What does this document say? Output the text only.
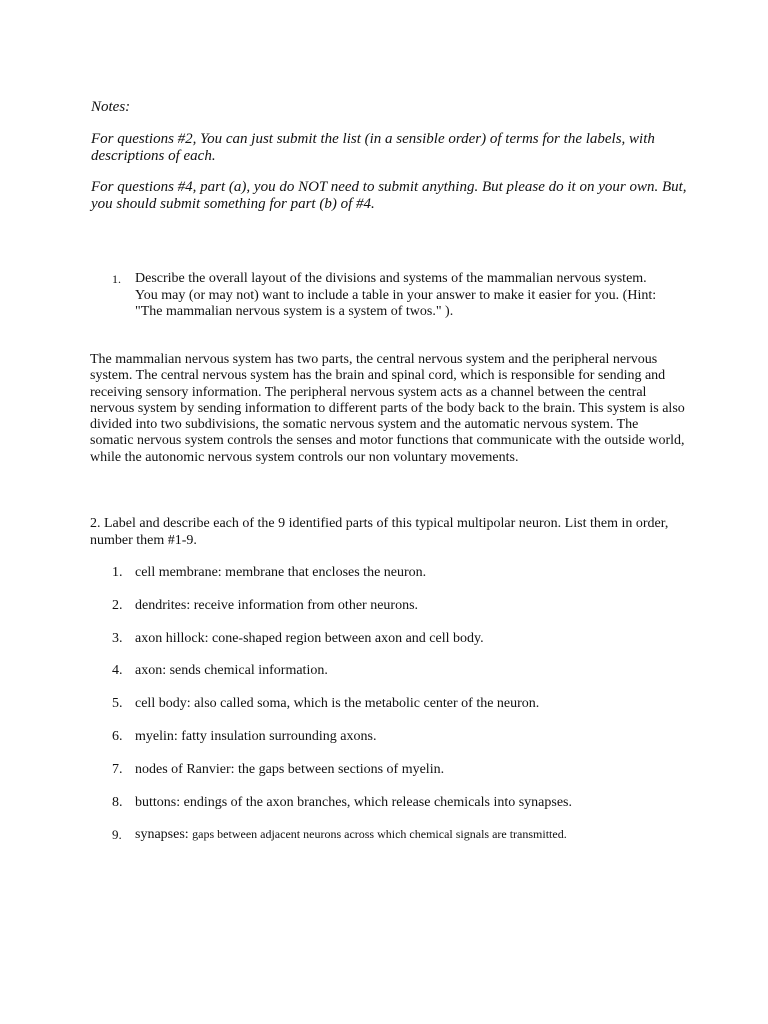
Notes:

For questions #2, You can just submit the list (in a sensible order) of terms for the labels, with descriptions of each.

For questions #4, part (a), you do NOT need to submit anything. But please do it on your own. But, you should submit something for part (b) of #4.

1. Describe the overall layout of the divisions and systems of the mammalian nervous system. You may (or may not) want to include a table in your answer to make it easier for you. (Hint: "The mammalian nervous system is a system of twos." ).

The mammalian nervous system has two parts, the central nervous system and the peripheral nervous system. The central nervous system has the brain and spinal cord, which is responsible for sending and receiving sensory information. The peripheral nervous system acts as a channel between the central nervous system by sending information to different parts of the body back to the brain. This system is also divided into two subdivisions, the somatic nervous system and the automatic nervous system. The somatic nervous system controls the senses and motor functions that communicate with the outside world, while the autonomic nervous system controls our non voluntary movements.

2. Label and describe each of the 9 identified parts of this typical multipolar neuron. List them in order, number them #1-9.

1. cell membrane: membrane that encloses the neuron.
2. dendrites: receive information from other neurons.
3. axon hillock: cone-shaped region between axon and cell body.
4. axon: sends chemical information.
5. cell body: also called soma, which is the metabolic center of the neuron.
6. myelin: fatty insulation surrounding axons.
7. nodes of Ranvier: the gaps between sections of myelin.
8. buttons: endings of the axon branches, which release chemicals into synapses.
9. synapses: gaps between adjacent neurons across which chemical signals are transmitted.
